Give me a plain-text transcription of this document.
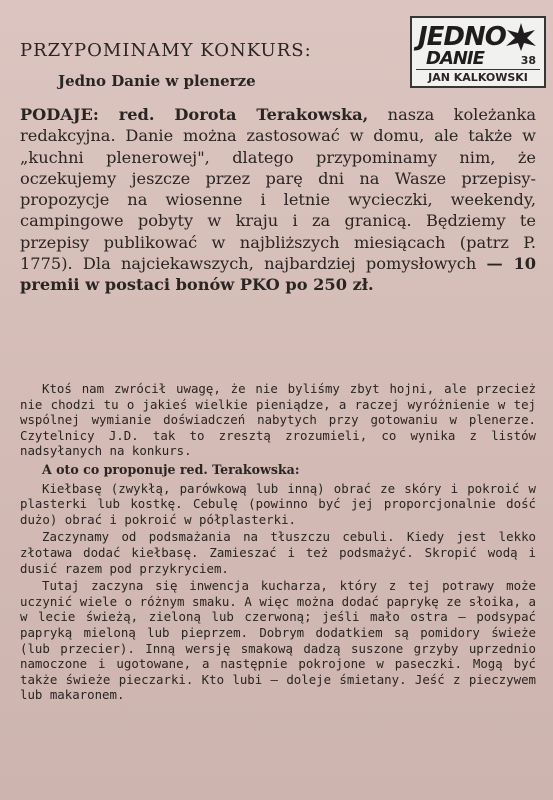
JEDNO
DANIE	38
JAN KALKOWSKI
PRZYPOMINAMY KONKURS:
Jedno Danie w plenerze
PODAJE: red. Dorota Terakowska, nasza koleżanka redakcyjna. Danie można zastosować w domu, ale także w „kuchni plenerowej", dlatego przypominamy nim, że oczekujemy jeszcze przez parę dni na Wasze przepisy-propozycje na wiosenne i letnie wycieczki, weekendy, campingowe pobyty w kraju i za granicą. Będziemy te przepisy publikować w najbliższych miesiącach (patrz P. 1775). Dla najciekawszych, najbardziej pomysłowych — 10 premii w postaci bonów PKO po 250 zł.

Ktoś nam zwrócił uwagę, że nie byliśmy zbyt hojni, ale przecież nie chodzi tu o jakieś wielkie pieniądze, a raczej wyróżnienie w tej wspólnej wymianie doświadczeń nabytych przy gotowaniu w plenerze. Czytelnicy J.D. tak to zresztą zrozumieli, co wynika z listów nadsyłanych na konkurs.

A oto co proponuje red. Terakowska:

Kiełbasę (zwykłą, parówkową lub inną) obrać ze skóry i pokroić w plasterki lub kostkę. Cebulę (powinno być jej proporcjonalnie dość dużo) obrać i pokroić w półplasterki.

Zaczynamy od podsmażania na tłuszczu cebuli. Kiedy jest lekko złotawa dodać kiełbasę. Zamieszać i też podsmażyć. Skropić wodą i dusić razem pod przykryciem.

Tutaj zaczyna się inwencja kucharza, który z tej potrawy może uczynić wiele o różnym smaku. A więc można dodać paprykę ze słoika, a w lecie świeżą, zieloną lub czerwoną; jeśli mało ostra — podsypać papryką mieloną lub pieprzem. Dobrym dodatkiem są pomidory świeże (lub przecier). Inną wersję smakową dadzą suszone grzyby uprzednio namoczone i ugotowane, a następnie pokrojone w paseczki. Mogą być także świeże pieczarki. Kto lubi — doleje śmietany. Jeść z pieczywem lub makaronem.
